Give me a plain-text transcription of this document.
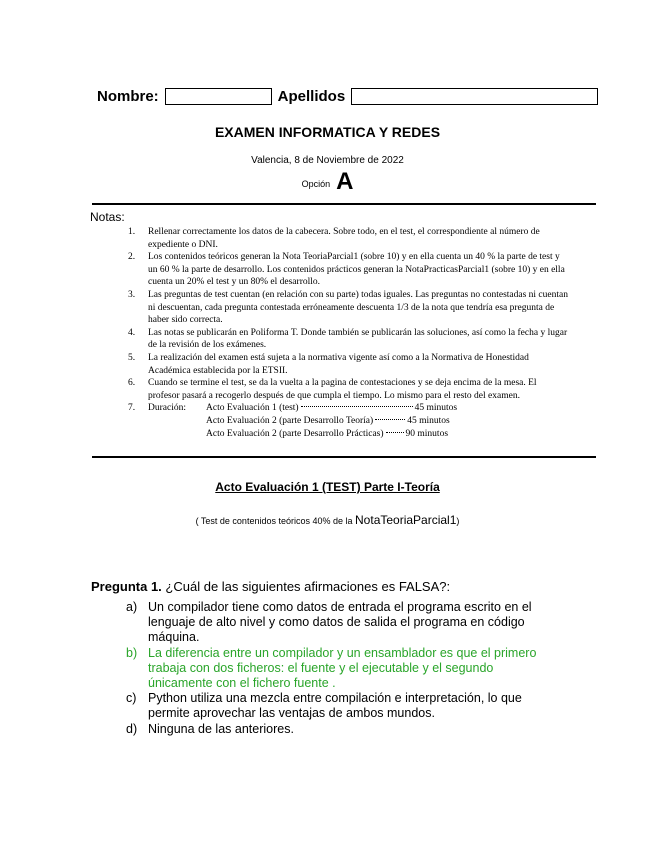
Nombre:	Apellidos
EXAMEN INFORMATICA Y REDES
Valencia, 8 de Noviembre de 2022
Opción A
Notas:
1. Rellenar correctamente los datos de la cabecera. Sobre todo, en el test, el correspondiente al número de expediente o DNI.
2. Los contenidos teóricos generan la Nota TeoriaParcial1 (sobre 10) y en ella cuenta un 40 % la parte de test y un 60 % la parte de desarrollo. Los contenidos prácticos generan la NotaPracticasParcial1 (sobre 10) y en ella cuenta un 20% el test y un 80% el desarrollo.
3. Las preguntas de test cuentan (en relación con su parte) todas iguales. Las preguntas no contestadas ni cuentan ni descuentan, cada pregunta contestada erróneamente descuenta 1/3 de la nota que tendría esa pregunta de haber sido correcta.
4. Las notas se publicarán en Poliforma T. Donde también se publicarán las soluciones, así como la fecha y lugar de la revisión de los exámenes.
5. La realización del examen está sujeta a la normativa vigente así como a la Normativa de Honestidad Académica establecida por la ETSII.
6. Cuando se termine el test, se da la vuelta a la pagina de contestaciones y se deja encima de la mesa. El profesor pasará a recogerlo después de que cumpla el tiempo. Lo mismo para el resto del examen.
7. Duración:	Acto Evaluación 1 (test)	45 minutos
Acto Evaluación 2 (parte Desarrollo Teoría)	45 minutos
Acto Evaluación 2 (parte Desarrollo Prácticas) 90 minutos
Acto Evaluación 1 (TEST) Parte I-Teoría
( Test de contenidos teóricos 40% de la NotaTeoriaParcial1)
Pregunta 1. ¿Cuál de las siguientes afirmaciones es FALSA?:
a) Un compilador tiene como datos de entrada el programa escrito en el lenguaje de alto nivel y como datos de salida el programa en código máquina.
b) La diferencia entre un compilador y un ensamblador es que el primero trabaja con dos ficheros: el fuente y el ejecutable y el segundo únicamente con el fichero fuente .
c) Python utiliza una mezcla entre compilación e interpretación, lo que permite aprovechar las ventajas de ambos mundos.
d) Ninguna de las anteriores.
